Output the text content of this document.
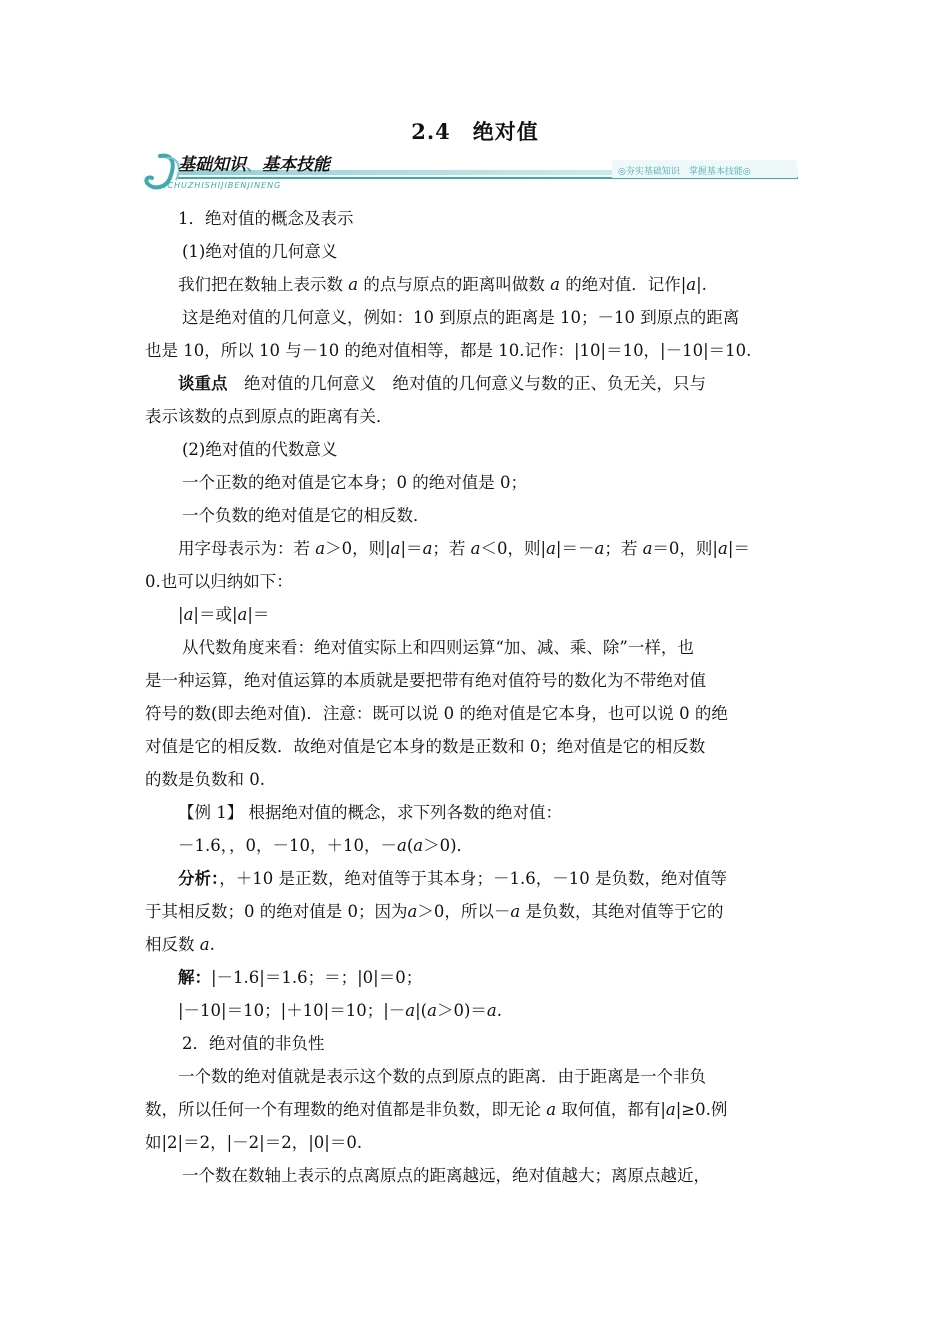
2.4　绝对值
基础知识 、 基本技能
ICHUZHISHIJIBENJINENG
◎夯实基础知识　掌握基本技能◎
1．绝对值的概念及表示
(1)绝对值的几何意义
我们把在数轴上表示数 a 的点与原点的距离叫做数 a 的绝对值．记作|a|.
这是绝对值的几何意义，例如：10 到原点的距离是 10；－10 到原点的距离
也是 10，所以 10 与－10 的绝对值相等，都是 10.记作：|10|＝10，|－10|＝10.
谈重点　绝对值的几何意义　绝对值的几何意义与数的正、负无关，只与
表示该数的点到原点的距离有关．
(2)绝对值的代数意义
一个正数的绝对值是它本身；0 的绝对值是 0；
一个负数的绝对值是它的相反数．
用字母表示为：若 a＞0，则|a|＝a；若 a＜0，则|a|＝－a；若 a＝0，则|a|＝
0.也可以归纳如下：
|a|＝或|a|＝
从代数角度来看：绝对值实际上和四则运算“加、减、乘、除”一样，也
是一种运算，绝对值运算的本质就是要把带有绝对值符号的数化为不带绝对值
符号的数(即去绝对值)．注意：既可以说 0 的绝对值是它本身，也可以说 0 的绝
对值是它的相反数．故绝对值是它本身的数是正数和 0；绝对值是它的相反数
的数是负数和 0.
【例 1】 根据绝对值的概念，求下列各数的绝对值：
－1.6，，0，－10，＋10，－a(a＞0)．
分析：，＋10 是正数，绝对值等于其本身；－1.6，－10 是负数，绝对值等
于其相反数；0 的绝对值是 0；因为a＞0，所以－a 是负数，其绝对值等于它的
相反数 a.
解：|－1.6|＝1.6；＝；|0|＝0；
|－10|＝10；|＋10|＝10；|－a|(a＞0)＝a.
2．绝对值的非负性
一个数的绝对值就是表示这个数的点到原点的距离．由于距离是一个非负
数，所以任何一个有理数的绝对值都是非负数，即无论 a 取何值，都有|a|≥0.例
如|2|＝2，|－2|＝2，|0|＝0.
一个数在数轴上表示的点离原点的距离越远，绝对值越大；离原点越近，
